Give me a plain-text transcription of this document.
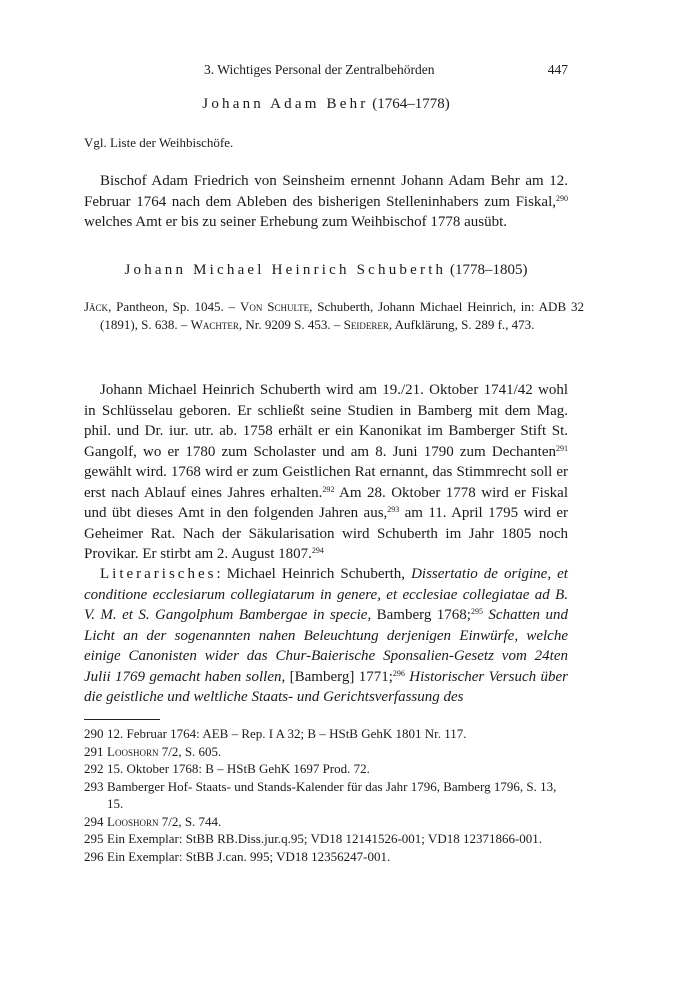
3. Wichtiges Personal der Zentralbehörden	447
Johann Adam Behr (1764–1778)
Vgl. Liste der Weihbischöfe.
Bischof Adam Friedrich von Seinsheim ernennt Johann Adam Behr am 12. Februar 1764 nach dem Ableben des bisherigen Stelleninhabers zum Fiskal,$^{290}$ welches Amt er bis zu seiner Erhebung zum Weihbischof 1778 ausübt.
Johann Michael Heinrich Schuberth (1778–1805)
Jäck, Pantheon, Sp. 1045. – Von Schulte, Schuberth, Johann Michael Heinrich, in: ADB 32 (1891), S. 638. – Wachter, Nr. 9209 S. 453. – Seiderer, Aufklärung, S. 289 f., 473.
Johann Michael Heinrich Schuberth wird am 19./21. Oktober 1741/42 wohl in Schlüsselau geboren. Er schließt seine Studien in Bamberg mit dem Mag. phil. und Dr. iur. utr. ab. 1758 erhält er ein Kanonikat im Bamberger Stift St. Gangolf, wo er 1780 zum Scholaster und am 8. Juni 1790 zum Dechanten$^{291}$ gewählt wird. 1768 wird er zum Geistlichen Rat ernannt, das Stimmrecht soll er erst nach Ablauf eines Jahres erhalten.$^{292}$ Am 28. Oktober 1778 wird er Fiskal und übt dieses Amt in den folgenden Jahren aus,$^{293}$ am 11. April 1795 wird er Geheimer Rat. Nach der Säkularisation wird Schuberth im Jahr 1805 noch Provikar. Er stirbt am 2. August 1807.$^{294}$
Literarisches: Michael Heinrich Schuberth, Dissertatio de origine, et conditione ecclesiarum collegiatarum in genere, et ecclesiae collegiatae ad B. V. M. et S. Gangolphum Bambergae in specie, Bamberg 1768;$^{295}$ Schatten und Licht an der sogenannten nahen Beleuchtung derjenigen Einwürfe, welche einige Canonisten wider das Chur-Baierische Sponsalien-Gesetz vom 24ten Julii 1769 gemacht haben sollen, [Bamberg] 1771;$^{296}$ Historischer Versuch über die geistliche und weltliche Staats- und Gerichtsverfassung des
290 12. Februar 1764: AEB – Rep. I A 32; B – HStB GehK 1801 Nr. 117.
291 Looshorn 7/2, S. 605.
292 15. Oktober 1768: B – HStB GehK 1697 Prod. 72.
293 Bamberger Hof- Staats- und Stands-Kalender für das Jahr 1796, Bamberg 1796, S. 13, 15.
294 Looshorn 7/2, S. 744.
295 Ein Exemplar: StBB RB.Diss.jur.q.95; VD18 12141526-001; VD18 12371866-001.
296 Ein Exemplar: StBB J.can. 995; VD18 12356247-001.
